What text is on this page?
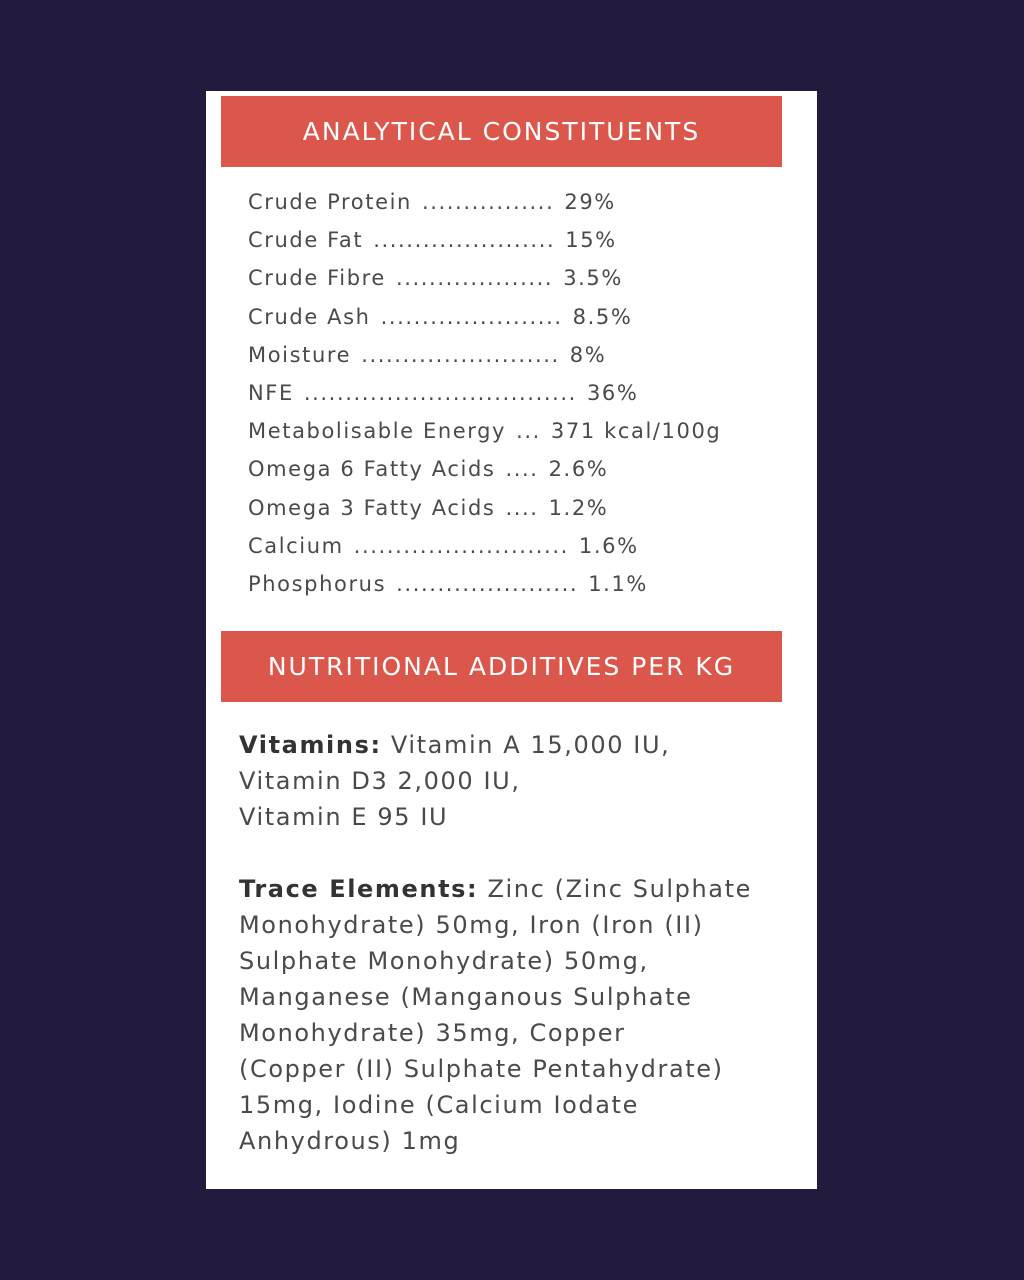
ANALYTICAL CONSTITUENTS
Crude Protein ................ 29%
Crude Fat ...................... 15%
Crude Fibre ................... 3.5%
Crude Ash ...................... 8.5%
Moisture ........................ 8%
NFE ................................. 36%
Metabolisable Energy ... 371 kcal/100g
Omega 6 Fatty Acids .... 2.6%
Omega 3 Fatty Acids .... 1.2%
Calcium .......................... 1.6%
Phosphorus ...................... 1.1%
NUTRITIONAL ADDITIVES PER KG

Vitamins: Vitamin A 15,000 IU,
Vitamin D3 2,000 IU,
Vitamin E 95 IU

Trace Elements: Zinc (Zinc Sulphate
Monohydrate) 50mg, Iron (Iron (II)
Sulphate Monohydrate) 50mg,
Manganese (Manganous Sulphate
Monohydrate) 35mg, Copper
(Copper (II) Sulphate Pentahydrate)
15mg, Iodine (Calcium Iodate
Anhydrous) 1mg
